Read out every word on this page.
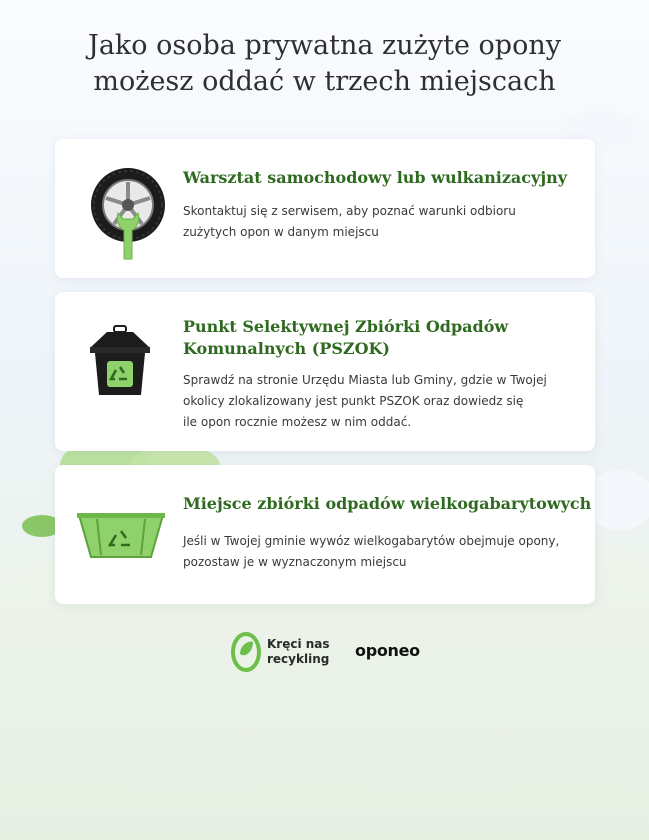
Jako osoba prywatna zużyte opony
możesz oddać w trzech miejscach
Warsztat samochodowy lub wulkanizacyjny

Skontaktuj się z serwisem, aby poznać warunki odbioru
zużytych opon w danym miejscu

Punkt Selektywnej Zbiórki Odpadów
Komunalnych (PSZOK)

Sprawdź na stronie Urzędu Miasta lub Gminy, gdzie w Twojej
okolicy zlokalizowany jest punkt PSZOK oraz dowiedz się
ile opon rocznie możesz w nim oddać.

Miejsce zbiórki odpadów wielkogabarytowych

Jeśli w Twojej gminie wywóz wielkogabarytów obejmuje opony,
pozostaw je w wyznaczonym miejscu

Kręci nas
recykling oponeo
